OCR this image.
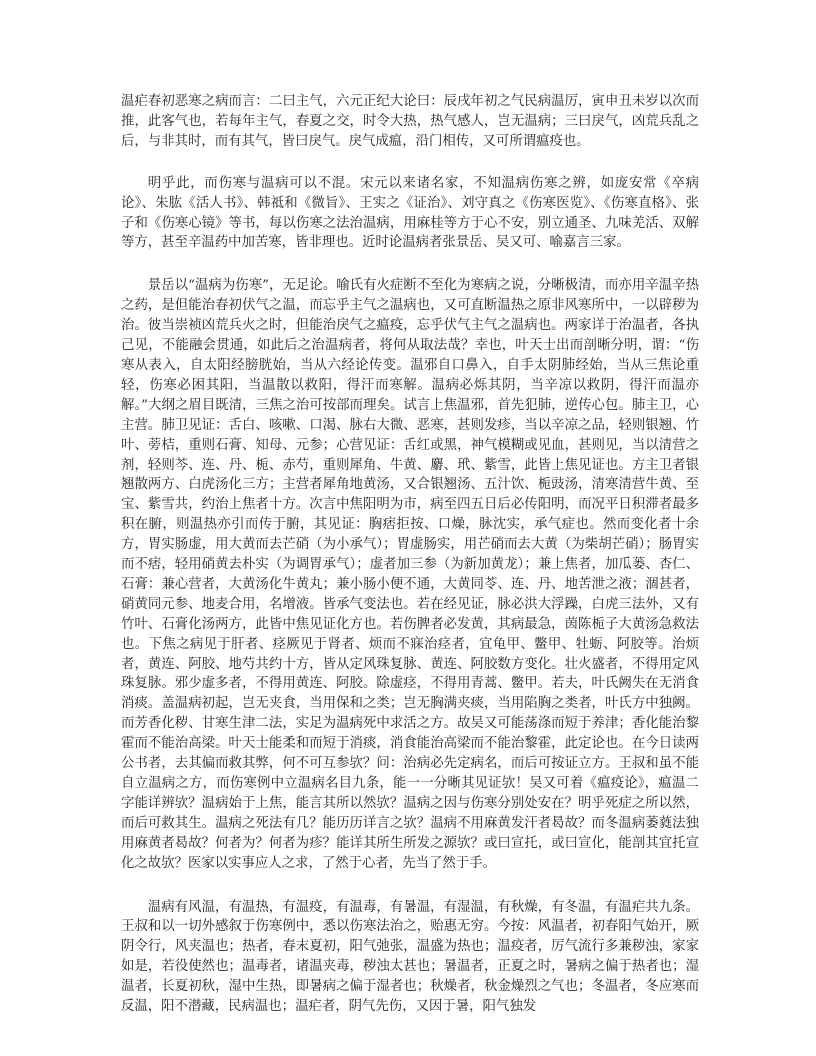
温疟春初恶寒之病而言：二曰主气，六元正纪大论曰：辰戌年初之气民病温厉，寅申丑未岁以次而推，此客气也，若每年主气，春夏之交，时令大热，热气感人，岂无温病；三曰戾气，凶荒兵乱之后，与非其时，而有其气，皆曰戾气。戾气成瘟，沿门相传，又可所谓瘟疫也。

明乎此，而伤寒与温病可以不混。宋元以来诸名家，不知温病伤寒之辨，如庞安常《卒病论》、朱肱《活人书》、韩祗和《微旨》、王实之《证治》、刘守真之《伤寒医览》、《伤寒直格》、张子和《伤寒心镜》等书，每以伤寒之法治温病，用麻桂等方于心不安，别立通圣、九味羌活、双解等方，甚至辛温药中加苦寒，皆非理也。近时论温病者张景岳、吴又可、喻嘉言三家。

景岳以“温病为伤寒”，无足论。喻氏有火症断不至化为寒病之说，分晰极清，而亦用辛温辛热之药，是但能治春初伏气之温，而忘乎主气之温病也，又可直断温热之原非风寒所中，一以辟秽为治。彼当崇祯凶荒兵火之时，但能治戾气之瘟疫，忘乎伏气主气之温病也。两家详于治温者，各执己见，不能融会贯通，如此后之治温病者，将何从取法哉？幸也，叶天士出而剖晰分明，谓：“伤寒从表入，自太阳经膀胱始，当从六经论传变。温邪自口鼻入，自手太阴肺经始，当从三焦论重轻，伤寒必困其阳，当温散以救阳，得汗而寒解。温病必烁其阴，当辛凉以救阴，得汗而温亦解。”大纲之眉目既清，三焦之治可按部而理矣。试言上焦温邪，首先犯肺，逆传心包。肺主卫，心主营。肺卫见证：舌白、咳嗽、口渴、脉右大微、恶寒，甚则发疹，当以辛凉之品，轻则银翘、竹叶、蒡桔，重则石膏、知母、元参；心营见证：舌红或黑，神气模糊或见血，甚则见，当以清营之剂，轻则芩、连、丹、栀、赤芍，重则犀角、牛黄、麝、玳、紫雪，此皆上焦见证也。方主卫者银翘散两方、白虎汤化三方；主营者犀角地黄汤，又合银翘汤、五汁饮、栀豉汤，清寒清营牛黄、至宝、紫雪共，约治上焦者十方。次言中焦阳明为市，病至四五日后必传阳明，而况平日积滞者最多积在腑，则温热亦引而传于腑，其见证：胸痞拒按、口燥，脉沈实，承气症也。然而变化者十余方，胃实肠虚，用大黄而去芒硝（为小承气）；胃虚肠实，用芒硝而去大黄（为柴胡芒硝）；肠胃实而不痞，轻用硝黄去朴实（为调胃承气）；虚者加三参（为新加黄龙）；兼上焦者，加瓜蒌、杏仁、石膏：兼心营者，大黄汤化牛黄丸；兼小肠小便不通，大黄同苓、连、丹、地苦泄之液；涸甚者，硝黄同元参、地麦合用，名增液。皆承气变法也。若在经见证，脉必洪大浮躁，白虎三法外，又有竹叶、石膏化汤两方，此皆中焦见证化方也。若伤脾者必发黄，其病最急，茵陈栀子大黄汤急救法也。下焦之病见于肝者、痉厥见于肾者、烦而不寐治痉者，宜龟甲、鳖甲、牡蛎、阿胶等。治烦者，黄连、阿胶、地芍共约十方，皆从定风珠复脉、黄连、阿胶数方变化。壮火盛者，不得用定风珠复脉。邪少虚多者，不得用黄连、阿胶。除虚痉，不得用青蒿、鳖甲。若夫，叶氏阙失在无消食消痰。盖温病初起，岂无夹食，当用保和之类；岂无胸满夹痰，当用陷胸之类者，叶氏方中独阙。而芳香化秽、甘寒生津二法，实足为温病死中求活之方。故吴又可能荡涤而短于养津；香化能治黎霍而不能治高梁。叶天士能柔和而短于消痰，消食能治高梁而不能治黎霍，此定论也。在今日读两公书者，去其偏而救其弊，何不可互参欤？问：治病必先定病名，而后可按证立方。王叔和虽不能自立温病之方，而伤寒例中立温病名目九条，能一一分晰其见证欤！吴又可着《瘟疫论》，瘟温二字能详辨欤？温病始于上焦，能言其所以然欤？温病之因与伤寒分别处安在？明乎死症之所以然，而后可救其生。温病之死法有几？能历历详言之欤？温病不用麻黄发汗者曷故？而冬温病萎蕤法独用麻黄者曷故？何者为？何者为疹？能详其所生所发之源欤？或曰宣托，或曰宣化，能剖其宜托宣化之故欤？医家以实事应人之求，了然于心者，先当了然于手。

温病有风温，有温热，有温疫，有温毒，有暑温，有湿温，有秋燥，有冬温，有温疟共九条。王叔和以一切外感叙于伤寒例中，悉以伤寒法治之，贻惠无穷。今按：风温者，初春阳气始开，厥阴令行，风夹温也；热者，春末夏初，阳气弛张，温盛为热也；温疫者，厉气流行多兼秽浊，家家如是，若役使然也；温毒者，诸温夹毒，秽浊太甚也；暑温者，正夏之时，暑病之偏于热者也；湿温者，长夏初秋，湿中生热，即暑病之偏于湿者也；秋燥者，秋金燥烈之气也；冬温者，冬应寒而反温，阳不潜藏，民病温也；温疟者，阴气先伤，又因于暑，阳气独发
